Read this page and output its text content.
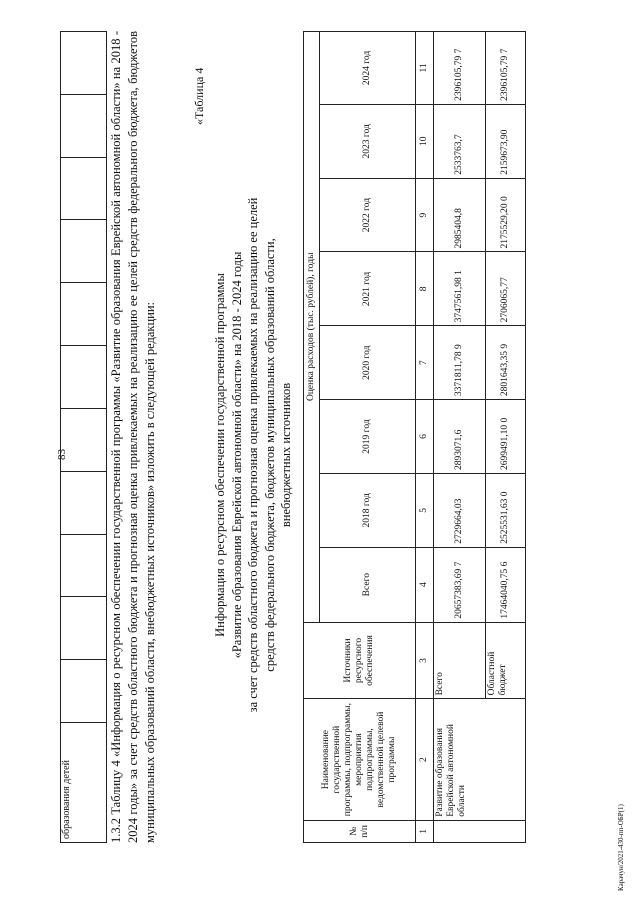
83
образования детей												1.3.2 Таблицу 4 «Информация о ресурсном обеспечении государственной программы «Развитие образования Еврейской автономной области» на 2018 - 2024 годы» за счет средств областного бюджета и прогнозная оценка привлекаемых на реализацию ее целей средств федерального бюджета, бюджетов муниципальных образований области, внебюджетных источников» изложить в следующей редакции:

«Таблица 4

Информация о ресурсном обеспечении государственной программы «Развитие образования Еврейской автономной области» на 2018 - 2024 годы за счет средств областного бюджета и прогнозная оценка привлекаемых на реализацию ее целей средств федерального бюджета, бюджетов муниципальных образований области, внебюджетных источников

№ п/п	Наименование государственной программы, подпрограммы, мероприятия подпрограммы, ведомственной целевой программы	Источники ресурсного обеспечения	Оценка расходов (тыс. рублей), годы							
			Всего	2018 год	2019 год	2020 год	2021 год	2022 год	2023 год	2024 год
1	2	3	4	5	6	7	8	9	10	11
	Развитие образования Еврейской автономной области	Всего	20657383,69 7	2729664,03	2893071,6	3371811,78 9	3747561,98 1	2985404,8	2533763,7	2396105,79 7
		Областной бюджет	17464040,75 6	2525531,63 0	2699491,10 0	2801643,35 9	2706065,77	2175529,20 0	2159673,90	2396105,79 7
Карачун/2021-430-пп-ОБР(1)
